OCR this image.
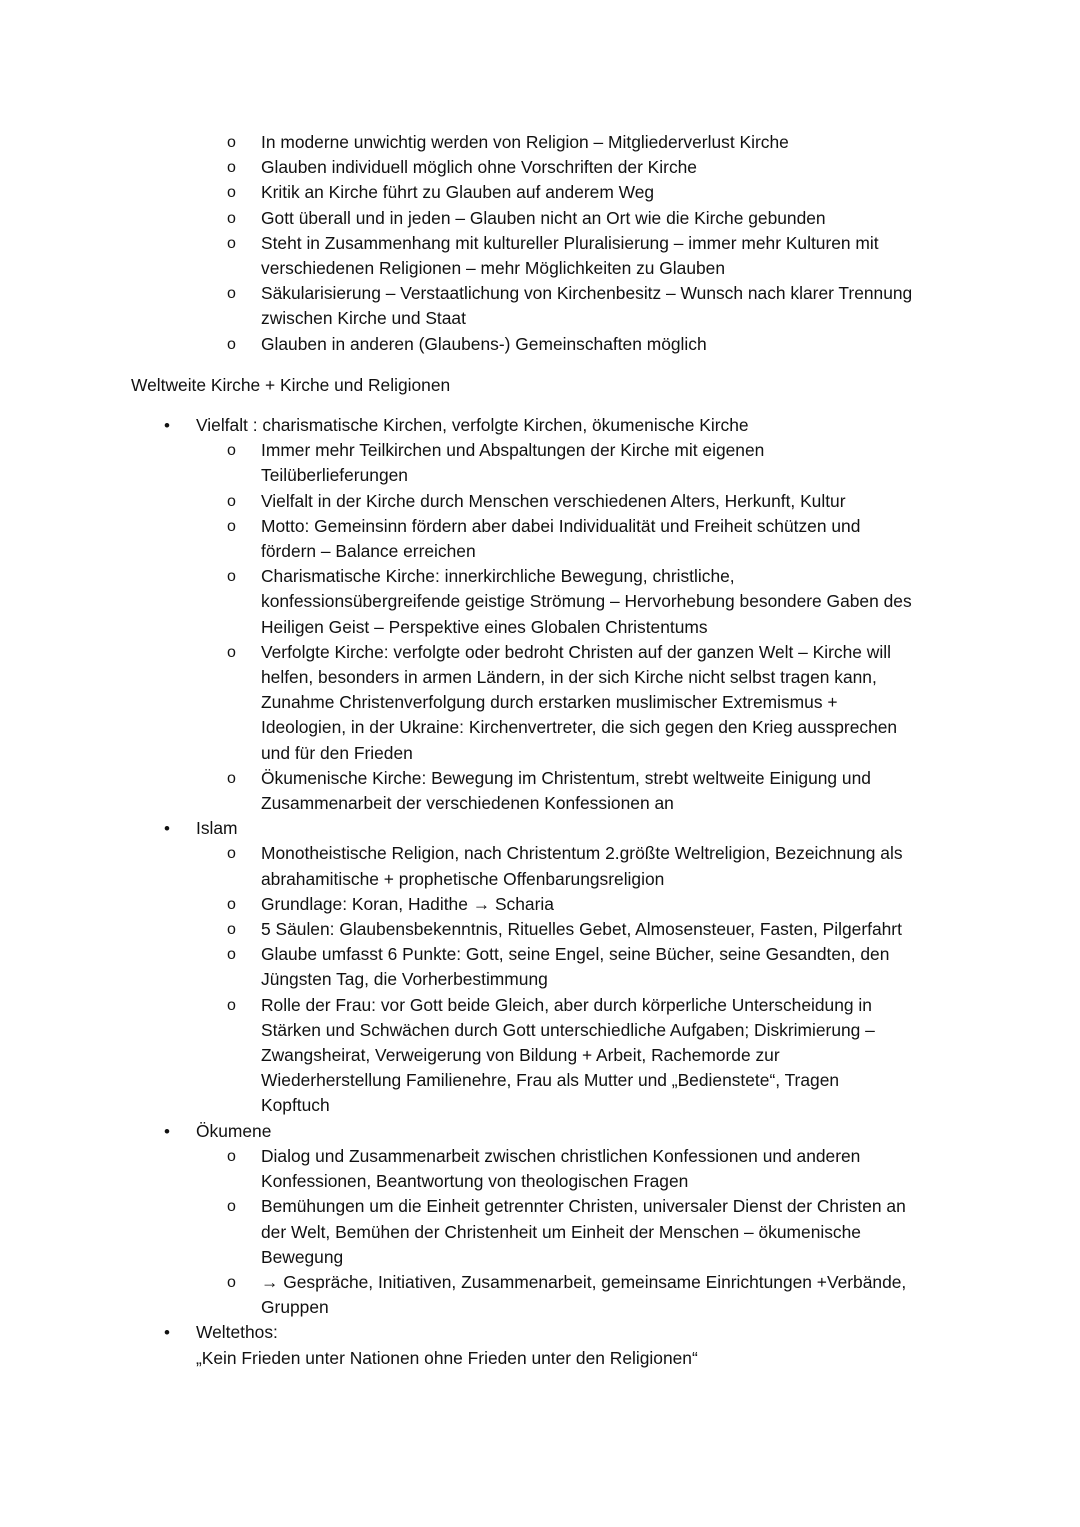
o In moderne unwichtig werden von Religion – Mitgliederverlust Kirche
o Glauben individuell möglich ohne Vorschriften der Kirche
o Kritik an Kirche führt zu Glauben auf anderem Weg
o Gott überall und in jeden – Glauben nicht an Ort wie die Kirche gebunden
o Steht in Zusammenhang mit kultureller Pluralisierung – immer mehr Kulturen mit
verschiedenen Religionen – mehr Möglichkeiten zu Glauben
o Säkularisierung – Verstaatlichung von Kirchenbesitz – Wunsch nach klarer Trennung
zwischen Kirche und Staat
o Glauben in anderen (Glaubens-) Gemeinschaften möglich
Weltweite Kirche + Kirche und Religionen
• Vielfalt : charismatische Kirchen, verfolgte Kirchen, ökumenische Kirche
o Immer mehr Teilkirchen und Abspaltungen der Kirche mit eigenen
Teilüberlieferungen
o Vielfalt in der Kirche durch Menschen verschiedenen Alters, Herkunft, Kultur
o Motto: Gemeinsinn fördern aber dabei Individualität und Freiheit schützen und
fördern – Balance erreichen
o Charismatische Kirche: innerkirchliche Bewegung, christliche,
konfessionsübergreifende geistige Strömung – Hervorhebung besondere Gaben des
Heiligen Geist – Perspektive eines Globalen Christentums
o Verfolgte Kirche: verfolgte oder bedroht Christen auf der ganzen Welt – Kirche will
helfen, besonders in armen Ländern, in der sich Kirche nicht selbst tragen kann,
Zunahme Christenverfolgung durch erstarken muslimischer Extremismus +
Ideologien, in der Ukraine: Kirchenvertreter, die sich gegen den Krieg aussprechen
und für den Frieden
o Ökumenische Kirche: Bewegung im Christentum, strebt weltweite Einigung und
Zusammenarbeit der verschiedenen Konfessionen an
• Islam
o Monotheistische Religion, nach Christentum 2.größte Weltreligion, Bezeichnung als
abrahamitische + prophetische Offenbarungsreligion
o Grundlage: Koran, Hadithe → Scharia
o 5 Säulen: Glaubensbekenntnis, Rituelles Gebet, Almosensteuer, Fasten, Pilgerfahrt
o Glaube umfasst 6 Punkte: Gott, seine Engel, seine Bücher, seine Gesandten, den
Jüngsten Tag, die Vorherbestimmung
o Rolle der Frau: vor Gott beide Gleich, aber durch körperliche Unterscheidung in
Stärken und Schwächen durch Gott unterschiedliche Aufgaben; Diskrimierung –
Zwangsheirat, Verweigerung von Bildung + Arbeit, Rachemorde zur
Wiederherstellung Familienehre, Frau als Mutter und „Bedienstete“, Tragen
Kopftuch
• Ökumene
o Dialog und Zusammenarbeit zwischen christlichen Konfessionen und anderen
Konfessionen, Beantwortung von theologischen Fragen
o Bemühungen um die Einheit getrennter Christen, universaler Dienst der Christen an
der Welt, Bemühen der Christenheit um Einheit der Menschen – ökumenische
Bewegung
o → Gespräche, Initiativen, Zusammenarbeit, gemeinsame Einrichtungen +Verbände,
Gruppen
• Weltethos:
„Kein Frieden unter Nationen ohne Frieden unter den Religionen“
